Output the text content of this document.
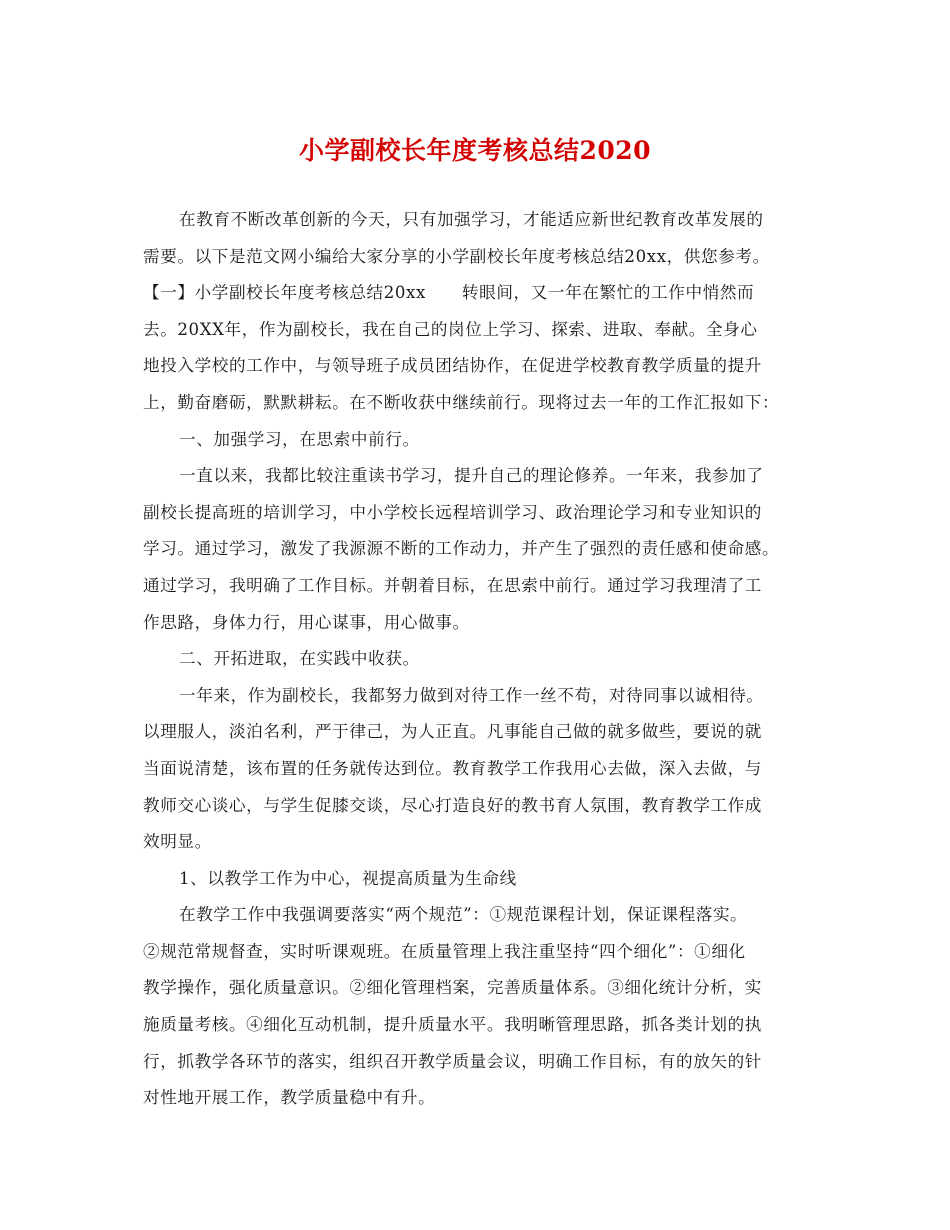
小学副校长年度考核总结2020
在教育不断改革创新的今天，只有加强学习，才能适应新世纪教育改革发展的
需要。以下是范文网小编给大家分享的小学副校长年度考核总结20xx，供您参考。
【一】小学副校长年度考核总结20xx 转眼间，又一年在繁忙的工作中悄然而
去。20XX年，作为副校长，我在自己的岗位上学习、探索、进取、奉献。全身心
地投入学校的工作中，与领导班子成员团结协作，在促进学校教育教学质量的提升
上，勤奋磨砺，默默耕耘。在不断收获中继续前行。现将过去一年的工作汇报如下：
一、加强学习，在思索中前行。
一直以来，我都比较注重读书学习，提升自己的理论修养。一年来，我参加了
副校长提高班的培训学习，中小学校长远程培训学习、政治理论学习和专业知识的
学习。通过学习，激发了我源源不断的工作动力，并产生了强烈的责任感和使命感。
通过学习，我明确了工作目标。并朝着目标，在思索中前行。通过学习我理清了工
作思路，身体力行，用心谋事，用心做事。
二、开拓进取，在实践中收获。
一年来，作为副校长，我都努力做到对待工作一丝不苟，对待同事以诚相待。
以理服人，淡泊名利，严于律己，为人正直。凡事能自己做的就多做些，要说的就
当面说清楚，该布置的任务就传达到位。教育教学工作我用心去做，深入去做，与
教师交心谈心，与学生促膝交谈，尽心打造良好的教书育人氛围，教育教学工作成
效明显。
1、以教学工作为中心，视提高质量为生命线
在教学工作中我强调要落实“两个规范”：①规范课程计划，保证课程落实。
②规范常规督查，实时听课观班。在质量管理上我注重坚持“四个细化”：①细化
教学操作，强化质量意识。②细化管理档案，完善质量体系。③细化统计分析，实
施质量考核。④细化互动机制，提升质量水平。我明晰管理思路，抓各类计划的执
行，抓教学各环节的落实，组织召开教学质量会议，明确工作目标，有的放矢的针
对性地开展工作，教学质量稳中有升。
